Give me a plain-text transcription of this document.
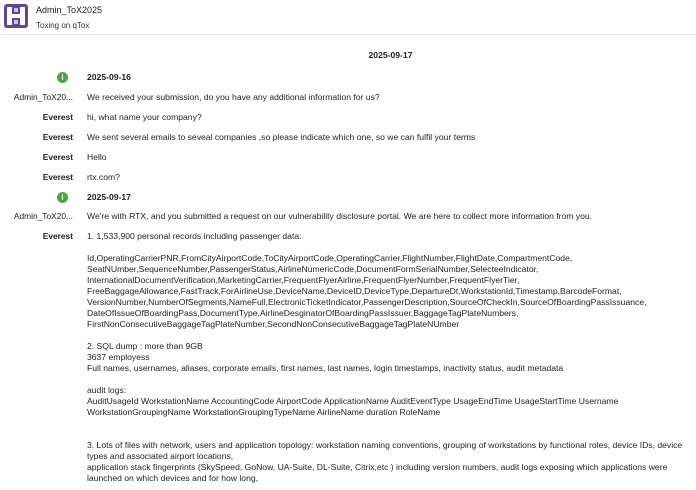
Admin_ToX2025
Toxing on qTox
2025-09-17
i	2025-09-16
Admin_ToX20... We received your submission, do you have any additional information for us?
Everest hi, what name your company?
Everest We sent several emails to seveal companies ,so please indicate which one, so we can fulfil your terms
Everest Hello
Everest rtx.com?
i	2025-09-17
Admin_ToX20... We're with RTX, and you submitted a request on our vulnerability disclosure portal. We are here to collect more information from you.
Everest 1. 1,533,900 personal records including passenger data:
Id,OperatingCarrierPNR,FromCityAirportCode,ToCityAirportCode,OperatingCarrier,FlightNumber,FlightDate,CompartmentCode,
SeatNUmber,SequenceNumber,PassengerStatus,AirlineNumericCode,DocumentFormSerialNumber,SelecteeIndicator,
InternationalDocumentVerification,MarketingCarrier,FrequentFlyerAirline,FrequentFlyerNumber,FrequentFlyerTier,
FreeBaggageAllowance,FastTrack,ForAirlineUse,DeviceName,DeviceID,DeviceType,DepartureDt,WorkstationId,Timestamp,BarcodeFormat,
VersionNumber,NumberOfSegments,NameFull,ElectronicTicketIndicator,PassengerDescription,SourceOfCheckIn,SourceOfBoardingPassIssuance,
DateOfIssueOfBoardingPass,DocumentType,AirlineDesginatorOfBoardingPassIssuer,BaggageTagPlateNumbers,
FirstNonConsecutiveBaggageTagPlateNumber,SecondNonConsecutiveBaggageTagPlateNUmber
2. SQL dump : more than 9GB
3637 employess
Full names, usernames, aliases, corporate emails, first names, last names, login timestamps, inactivity status, audit metadata
audit logs:
AuditUsageId WorkstationName AccountingCode AirportCode ApplicationName AuditEventType UsageEndTime UsageStartTime Username
WorkstationGroupingName WorkstationGroupingTypeName AirlineName duration RoleName
3. Lots of files with network, users and application topology: workstation naming conventions, grouping of workstations by functional roles, device IDs, device
types and associated airport locations,
application stack fingerprints (SkySpeed, GoNow, UA-Suite, DL-Suite, Citrix,etc ) including version numbers, audit logs exposing which applications were
launched on which devices and for how long,
